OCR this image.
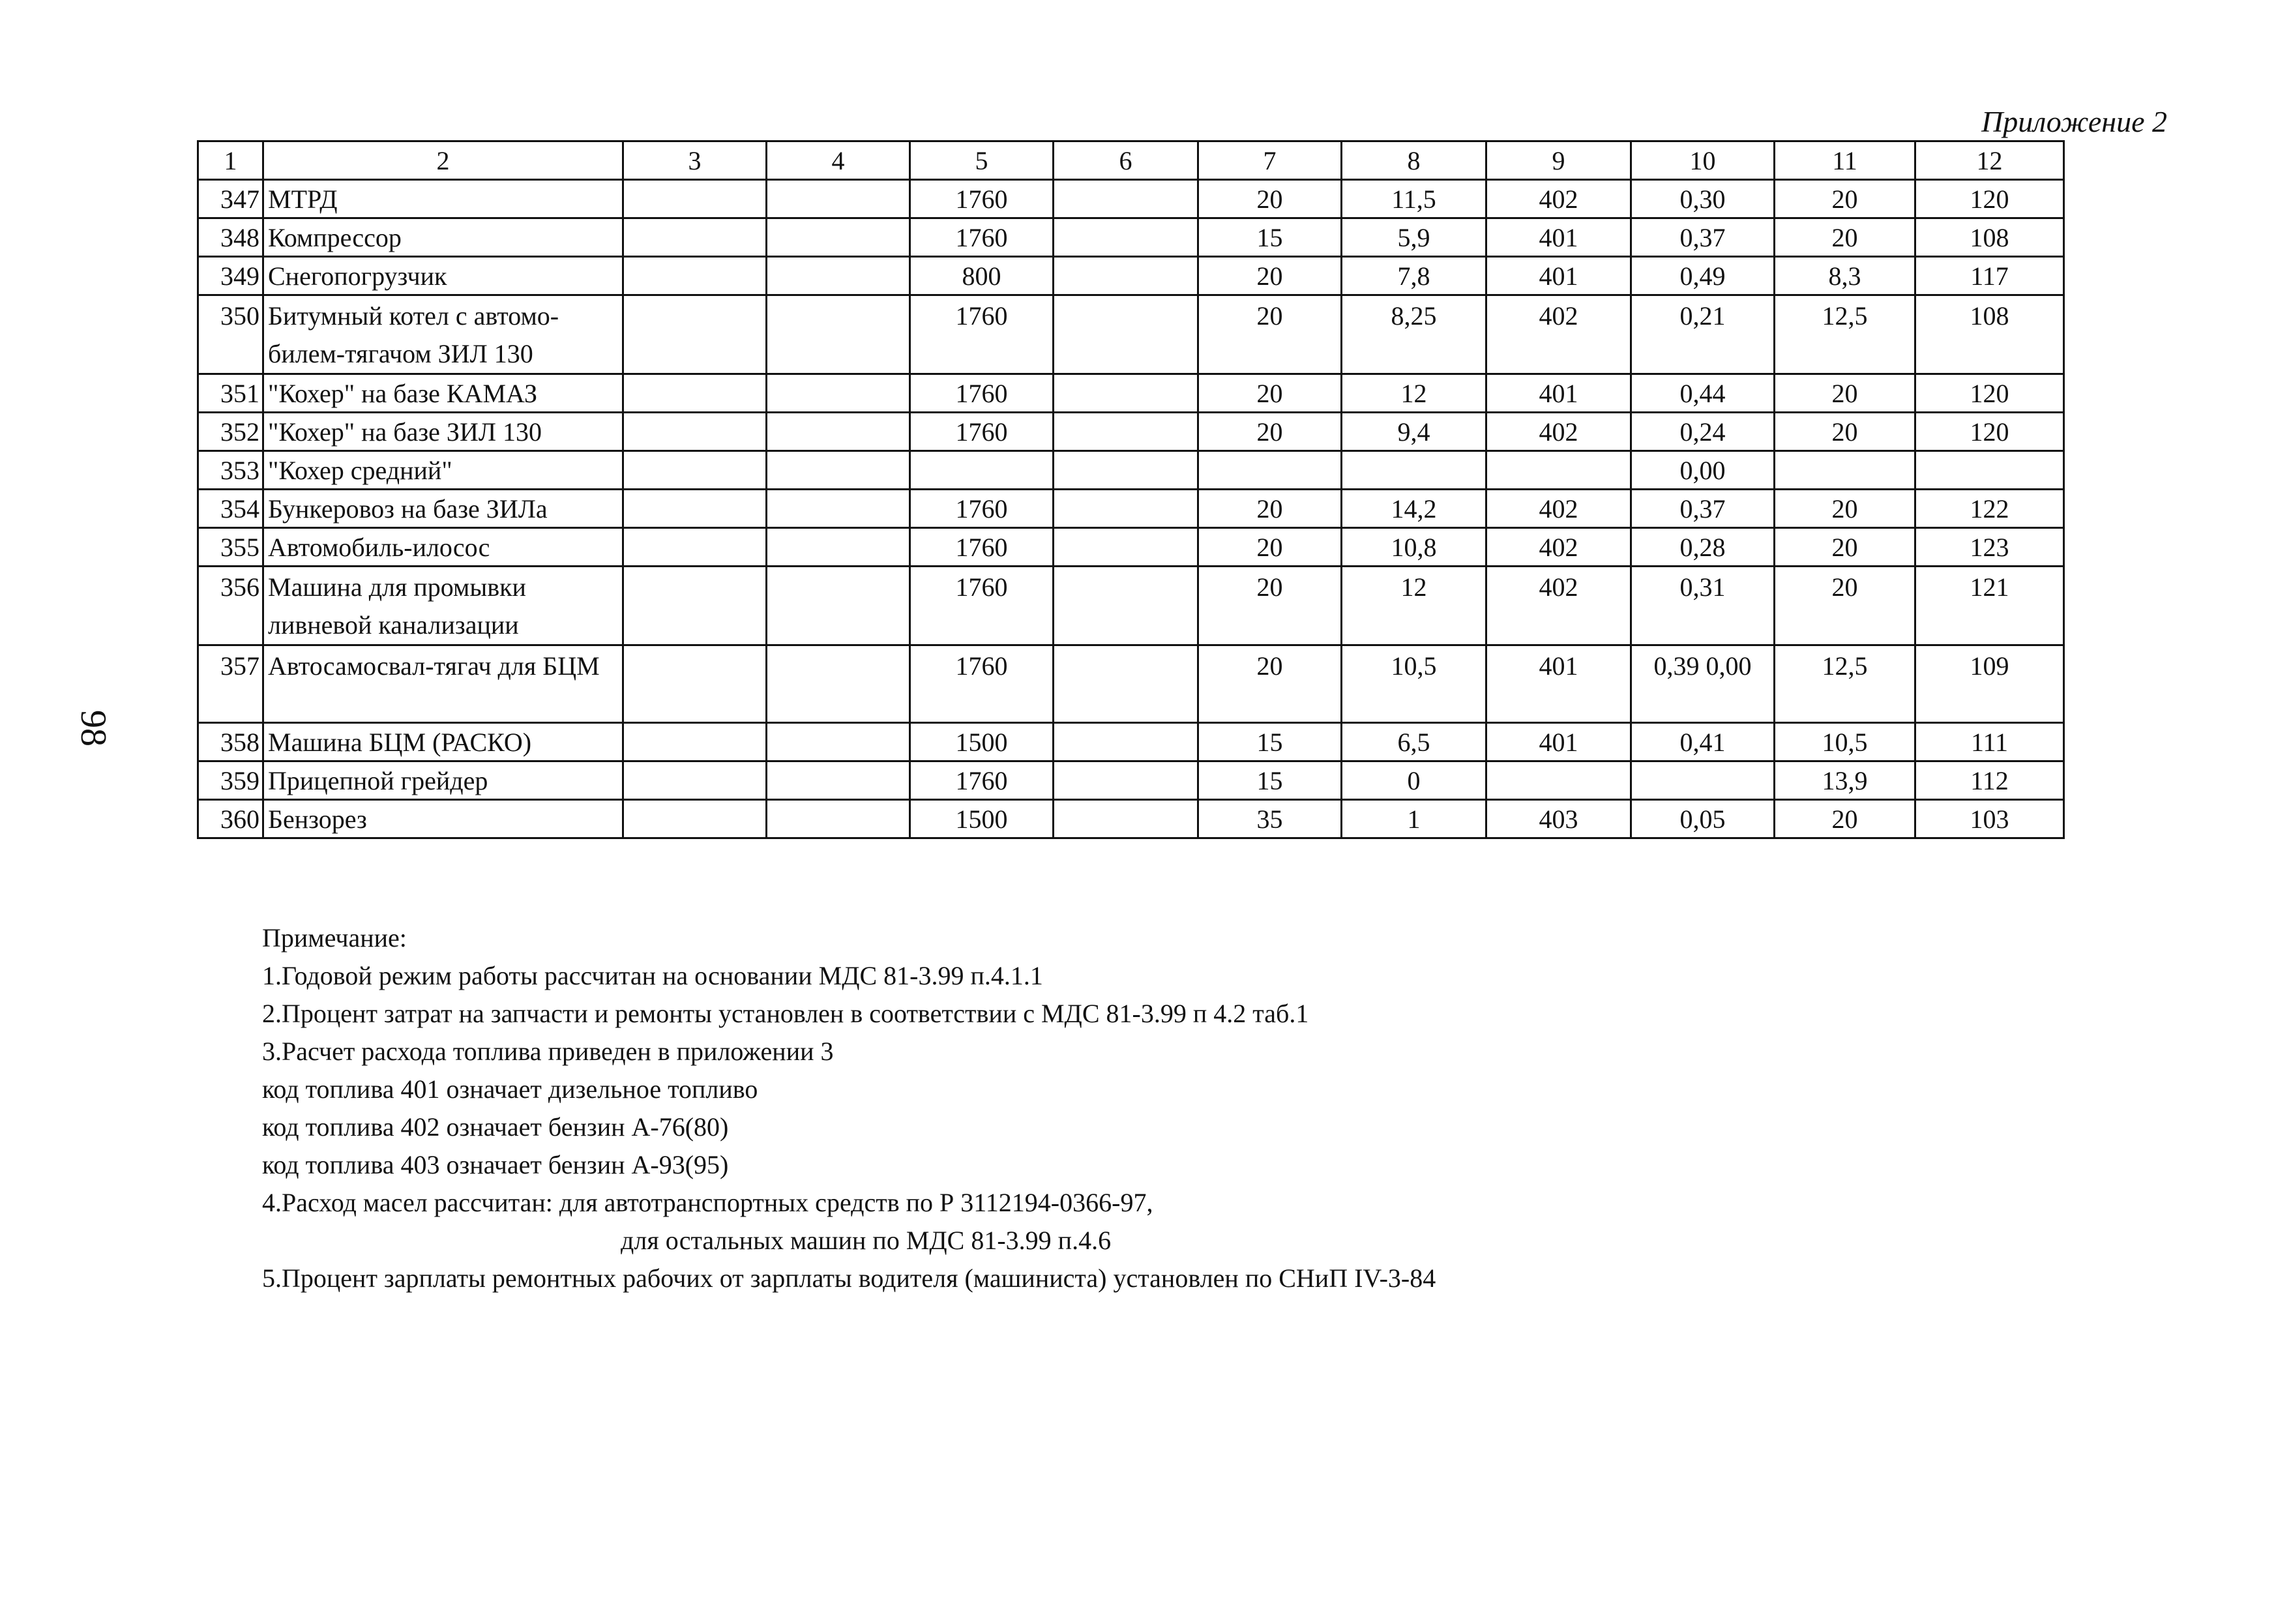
Приложение 2
98
1	2	3	4	5	6	7	8	9	10	11	12
347	МТРД			1760		20	11,5	402	0,30	20	120
348	Компрессор			1760		15	5,9	401	0,37	20	108
349	Снегопогрузчик			800		20	7,8	401	0,49	8,3	117
350	Битумный котел с автомо- билем-тягачом ЗИЛ 130			1760		20	8,25	402	0,21	12,5	108
351	"Кохер" на базе КАМАЗ			1760		20	12	401	0,44	20	120
352	"Кохер" на базе ЗИЛ 130			1760		20	9,4	402	0,24	20	120
353	"Кохер средний"								0,00		
354	Бункеровоз на базе ЗИЛа			1760		20	14,2	402	0,37	20	122
355	Автомобиль-илосос			1760		20	10,8	402	0,28	20	123
356	Машина для промывки ливневой канализации			1760		20	12	402	0,31	20	121
357	Автосамосвал-тягач для БЦМ			1760		20	10,5	401	0,39 0,00	12,5	109
358	Машина БЦМ (РАСКО)			1500		15	6,5	401	0,41	10,5	111
359	Прицепной грейдер			1760		15	0			13,9	112
360	Бензорез			1500		35	1	403	0,05	20	103
Примечание:
1.Годовой режим работы рассчитан на основании МДС 81-3.99 п.4.1.1
2.Процент затрат на запчасти и ремонты установлен в соответствии с МДС 81-3.99 п 4.2 таб.1
3.Расчет расхода топлива приведен в приложении 3
код топлива 401 означает дизельное топливо
код топлива 402 означает бензин А-76(80)
код топлива 403 означает бензин А-93(95)
4.Расход масел рассчитан: для автотранспортных средств по Р 3112194-0366-97,
для остальных машин по МДС 81-3.99 п.4.6
5.Процент зарплаты ремонтных рабочих от зарплаты водителя (машиниста) установлен по СНиП IV-3-84
